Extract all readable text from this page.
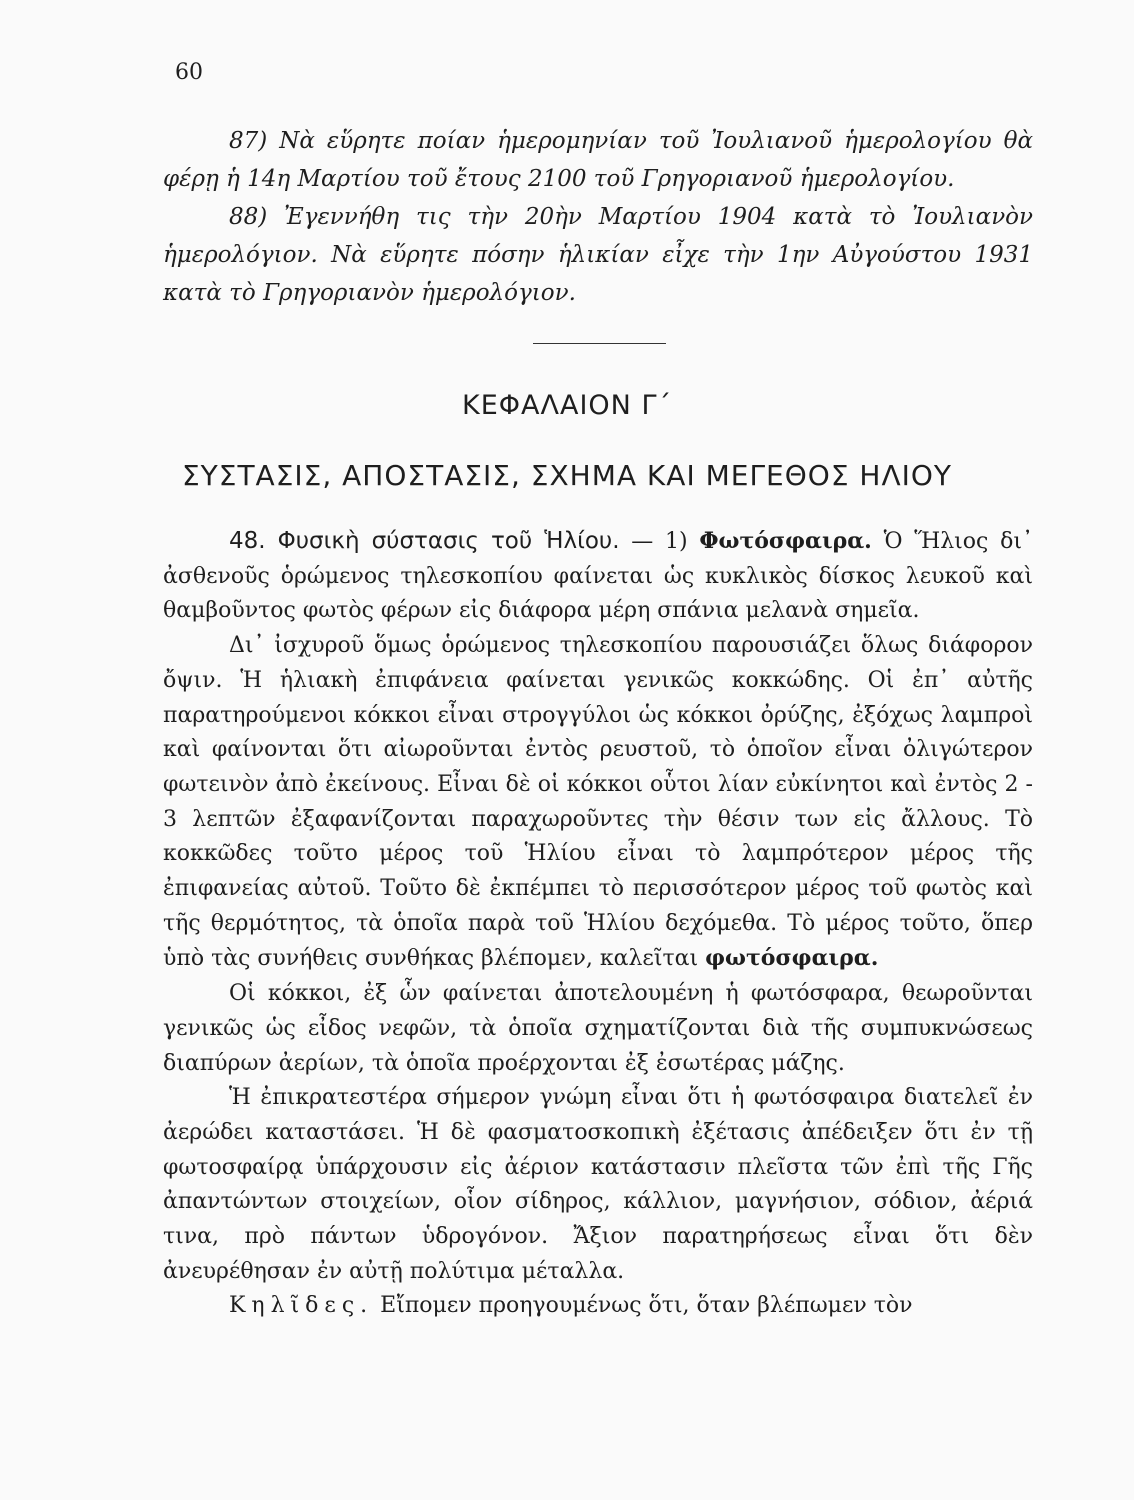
60

87) Νὰ εὕρητε ποίαν ἡμερομηνίαν τοῦ Ἰουλιανοῦ ἡμερολογίου θὰ φέρῃ ἡ 14η Μαρτίου τοῦ ἔτους 2100 τοῦ Γρηγοριανοῦ ἡμερολογίου.

88) Ἐγεννήθη τις τὴν 20ὴν Μαρτίου 1904 κατὰ τὸ Ἰουλιανὸν ἡμερολόγιον. Νὰ εὕρητε πόσην ἡλικίαν εἶχε τὴν 1ην Αὐγούστου 1931 κατὰ τὸ Γρηγοριανὸν ἡμερολόγιον.

ΚΕΦΑΛΑΙΟΝ Γ΄
ΣΥΣΤΑΣΙΣ, ΑΠΟΣΤΑΣΙΣ, ΣΧΗΜΑ ΚΑΙ ΜΕΓΕΘΟΣ ΗΛΙΟΥ

48. Φυσικὴ σύστασις τοῦ Ἡλίου. — 1) Φωτόσφαιρα. Ὁ Ἥλιος δι᾽ ἀσθενοῦς ὁρώμενος τηλεσκοπίου φαίνεται ὡς κυκλικὸς δίσκος λευκοῦ καὶ θαμβοῦντος φωτὸς φέρων εἰς διάφορα μέρη σπάνια μελανὰ σημεῖα.

Δι᾽ ἰσχυροῦ ὅμως ὁρώμενος τηλεσκοπίου παρουσιάζει ὅλως διάφορον ὄψιν. Ἡ ἡλιακὴ ἐπιφάνεια φαίνεται γενικῶς κοκκώδης. Οἱ ἐπ᾽ αὐτῆς παρατηρούμενοι κόκκοι εἶναι στρογγύλοι ὡς κόκκοι ὀρύζης, ἐξόχως λαμπροὶ καὶ φαίνονται ὅτι αἰωροῦνται ἐντὸς ρευστοῦ, τὸ ὁποῖον εἶναι ὀλιγώτερον φωτεινὸν ἀπὸ ἐκείνους. Εἶναι δὲ οἱ κόκκοι οὗτοι λίαν εὐκίνητοι καὶ ἐντὸς 2 - 3 λεπτῶν ἐξαφανίζονται παραχωροῦντες τὴν θέσιν των εἰς ἄλλους. Τὸ κοκκῶδες τοῦτο μέρος τοῦ Ἡλίου εἶναι τὸ λαμπρότερον μέρος τῆς ἐπιφανείας αὐτοῦ. Τοῦτο δὲ ἐκπέμπει τὸ περισσότερον μέρος τοῦ φωτὸς καὶ τῆς θερμότητος, τὰ ὁποῖα παρὰ τοῦ Ἡλίου δεχόμεθα. Τὸ μέρος τοῦτο, ὅπερ ὑπὸ τὰς συνήθεις συνθήκας βλέπομεν, καλεῖται φωτόσφαιρα.

Οἱ κόκκοι, ἐξ ὧν φαίνεται ἀποτελουμένη ἡ φωτόσφαρα, θεωροῦνται γενικῶς ὡς εἶδος νεφῶν, τὰ ὁποῖα σχηματίζονται διὰ τῆς συμπυκνώσεως διαπύρων ἀερίων, τὰ ὁποῖα προέρχονται ἐξ ἐσωτέρας μάζης.

Ἡ ἐπικρατεστέρα σήμερον γνώμη εἶναι ὅτι ἡ φωτόσφαιρα διατελεῖ ἐν ἀερώδει καταστάσει. Ἡ δὲ φασματοσκοπικὴ ἐξέτασις ἀπέδειξεν ὅτι ἐν τῇ φωτοσφαίρᾳ ὑπάρχουσιν εἰς ἀέριον κατάστασιν πλεῖστα τῶν ἐπὶ τῆς Γῆς ἀπαντώντων στοιχείων, οἷον σίδηρος, κάλλιον, μαγνήσιον, σόδιον, ἀέριά τινα, πρὸ πάντων ὑδρογόνον. Ἄξιον παρατηρήσεως εἶναι ὅτι δὲν ἀνευρέθησαν ἐν αὐτῇ πολύτιμα μέταλλα.

Κηλῖδες. Εἴπομεν προηγουμένως ὅτι, ὅταν βλέπωμεν τὸν
